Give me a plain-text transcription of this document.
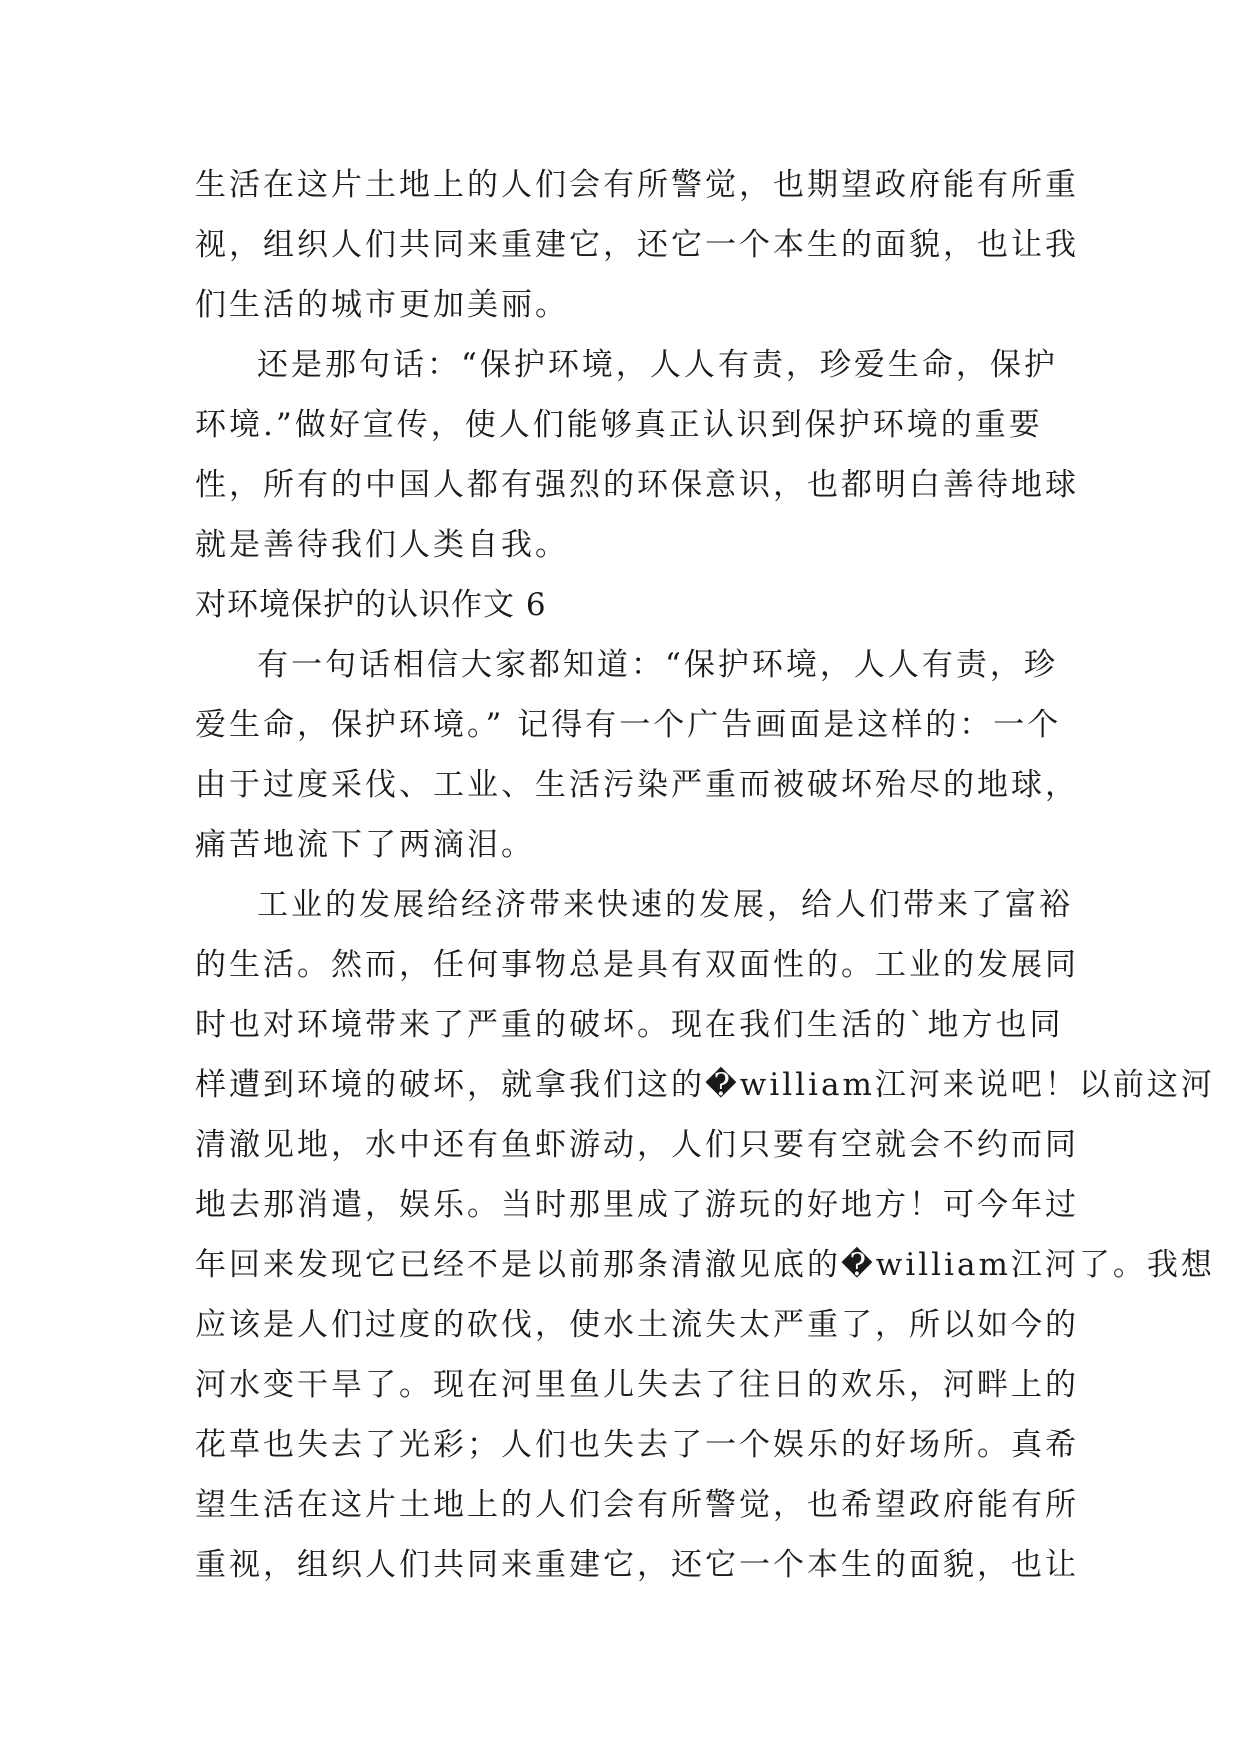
生活在这片土地上的人们会有所警觉，也期望政府能有所重
视，组织人们共同来重建它，还它一个本生的面貌，也让我
们生活的城市更加美丽。
还是那句话：“保护环境，人人有责，珍爱生命，保护
环境.”做好宣传，使人们能够真正认识到保护环境的重要
性，所有的中国人都有强烈的环保意识，也都明白善待地球
就是善待我们人类自我。
对环境保护的认识作文 6
有一句话相信大家都知道：“保护环境，人人有责，珍
爱生命，保护环境。” 记得有一个广告画面是这样的：一个
由于过度采伐、工业、生活污染严重而被破坏殆尽的地球，
痛苦地流下了两滴泪。
工业的发展给经济带来快速的发展，给人们带来了富裕
的生活。然而，任何事物总是具有双面性的。工业的发展同
时也对环境带来了严重的破坏。现在我们生活的`地方也同
样遭到环境的破坏，就拿我们这的�william江河来说吧！以前这河
清澈见地，水中还有鱼虾游动，人们只要有空就会不约而同
地去那消遣，娱乐。当时那里成了游玩的好地方！可今年过
年回来发现它已经不是以前那条清澈见底的�william江河了。我想
应该是人们过度的砍伐，使水土流失太严重了，所以如今的
河水变干旱了。现在河里鱼儿失去了往日的欢乐，河畔上的
花草也失去了光彩；人们也失去了一个娱乐的好场所。真希
望生活在这片土地上的人们会有所警觉，也希望政府能有所
重视，组织人们共同来重建它，还它一个本生的面貌，也让
